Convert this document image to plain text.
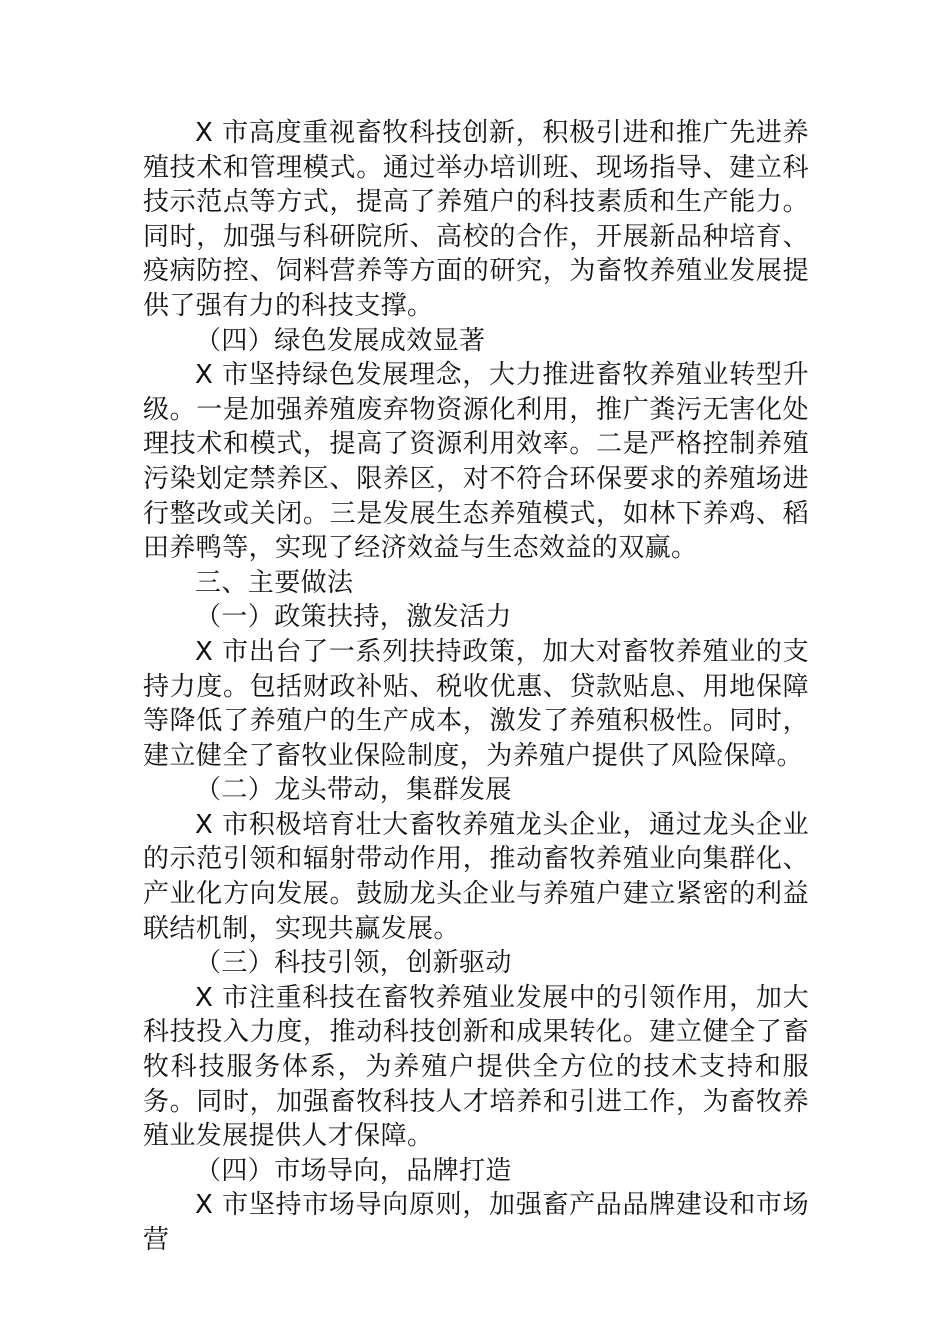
X 市高度重视畜牧科技创新，积极引进和推广先进养殖技术和管理模式。通过举办培训班、现场指导、建立科技示范点等方式，提高了养殖户的科技素质和生产能力。同时，加强与科研院所、高校的合作，开展新品种培育、疫病防控、饲料营养等方面的研究，为畜牧养殖业发展提供了强有力的科技支撑。

（四）绿色发展成效显著

X 市坚持绿色发展理念，大力推进畜牧养殖业转型升级。一是加强养殖废弃物资源化利用，推广粪污无害化处理技术和模式，提高了资源利用效率。二是严格控制养殖污染划定禁养区、限养区，对不符合环保要求的养殖场进行整改或关闭。三是发展生态养殖模式，如林下养鸡、稻田养鸭等，实现了经济效益与生态效益的双赢。

三、主要做法

（一）政策扶持，激发活力

X 市出台了一系列扶持政策，加大对畜牧养殖业的支持力度。包括财政补贴、税收优惠、贷款贴息、用地保障等降低了养殖户的生产成本，激发了养殖积极性。同时，建立健全了畜牧业保险制度，为养殖户提供了风险保障。

（二）龙头带动，集群发展

X 市积极培育壮大畜牧养殖龙头企业，通过龙头企业的示范引领和辐射带动作用，推动畜牧养殖业向集群化、产业化方向发展。鼓励龙头企业与养殖户建立紧密的利益联结机制，实现共赢发展。

（三）科技引领，创新驱动

X 市注重科技在畜牧养殖业发展中的引领作用，加大科技投入力度，推动科技创新和成果转化。建立健全了畜牧科技服务体系，为养殖户提供全方位的技术支持和服务。同时，加强畜牧科技人才培养和引进工作，为畜牧养殖业发展提供人才保障。

（四）市场导向，品牌打造

X 市坚持市场导向原则，加强畜产品品牌建设和市场营
